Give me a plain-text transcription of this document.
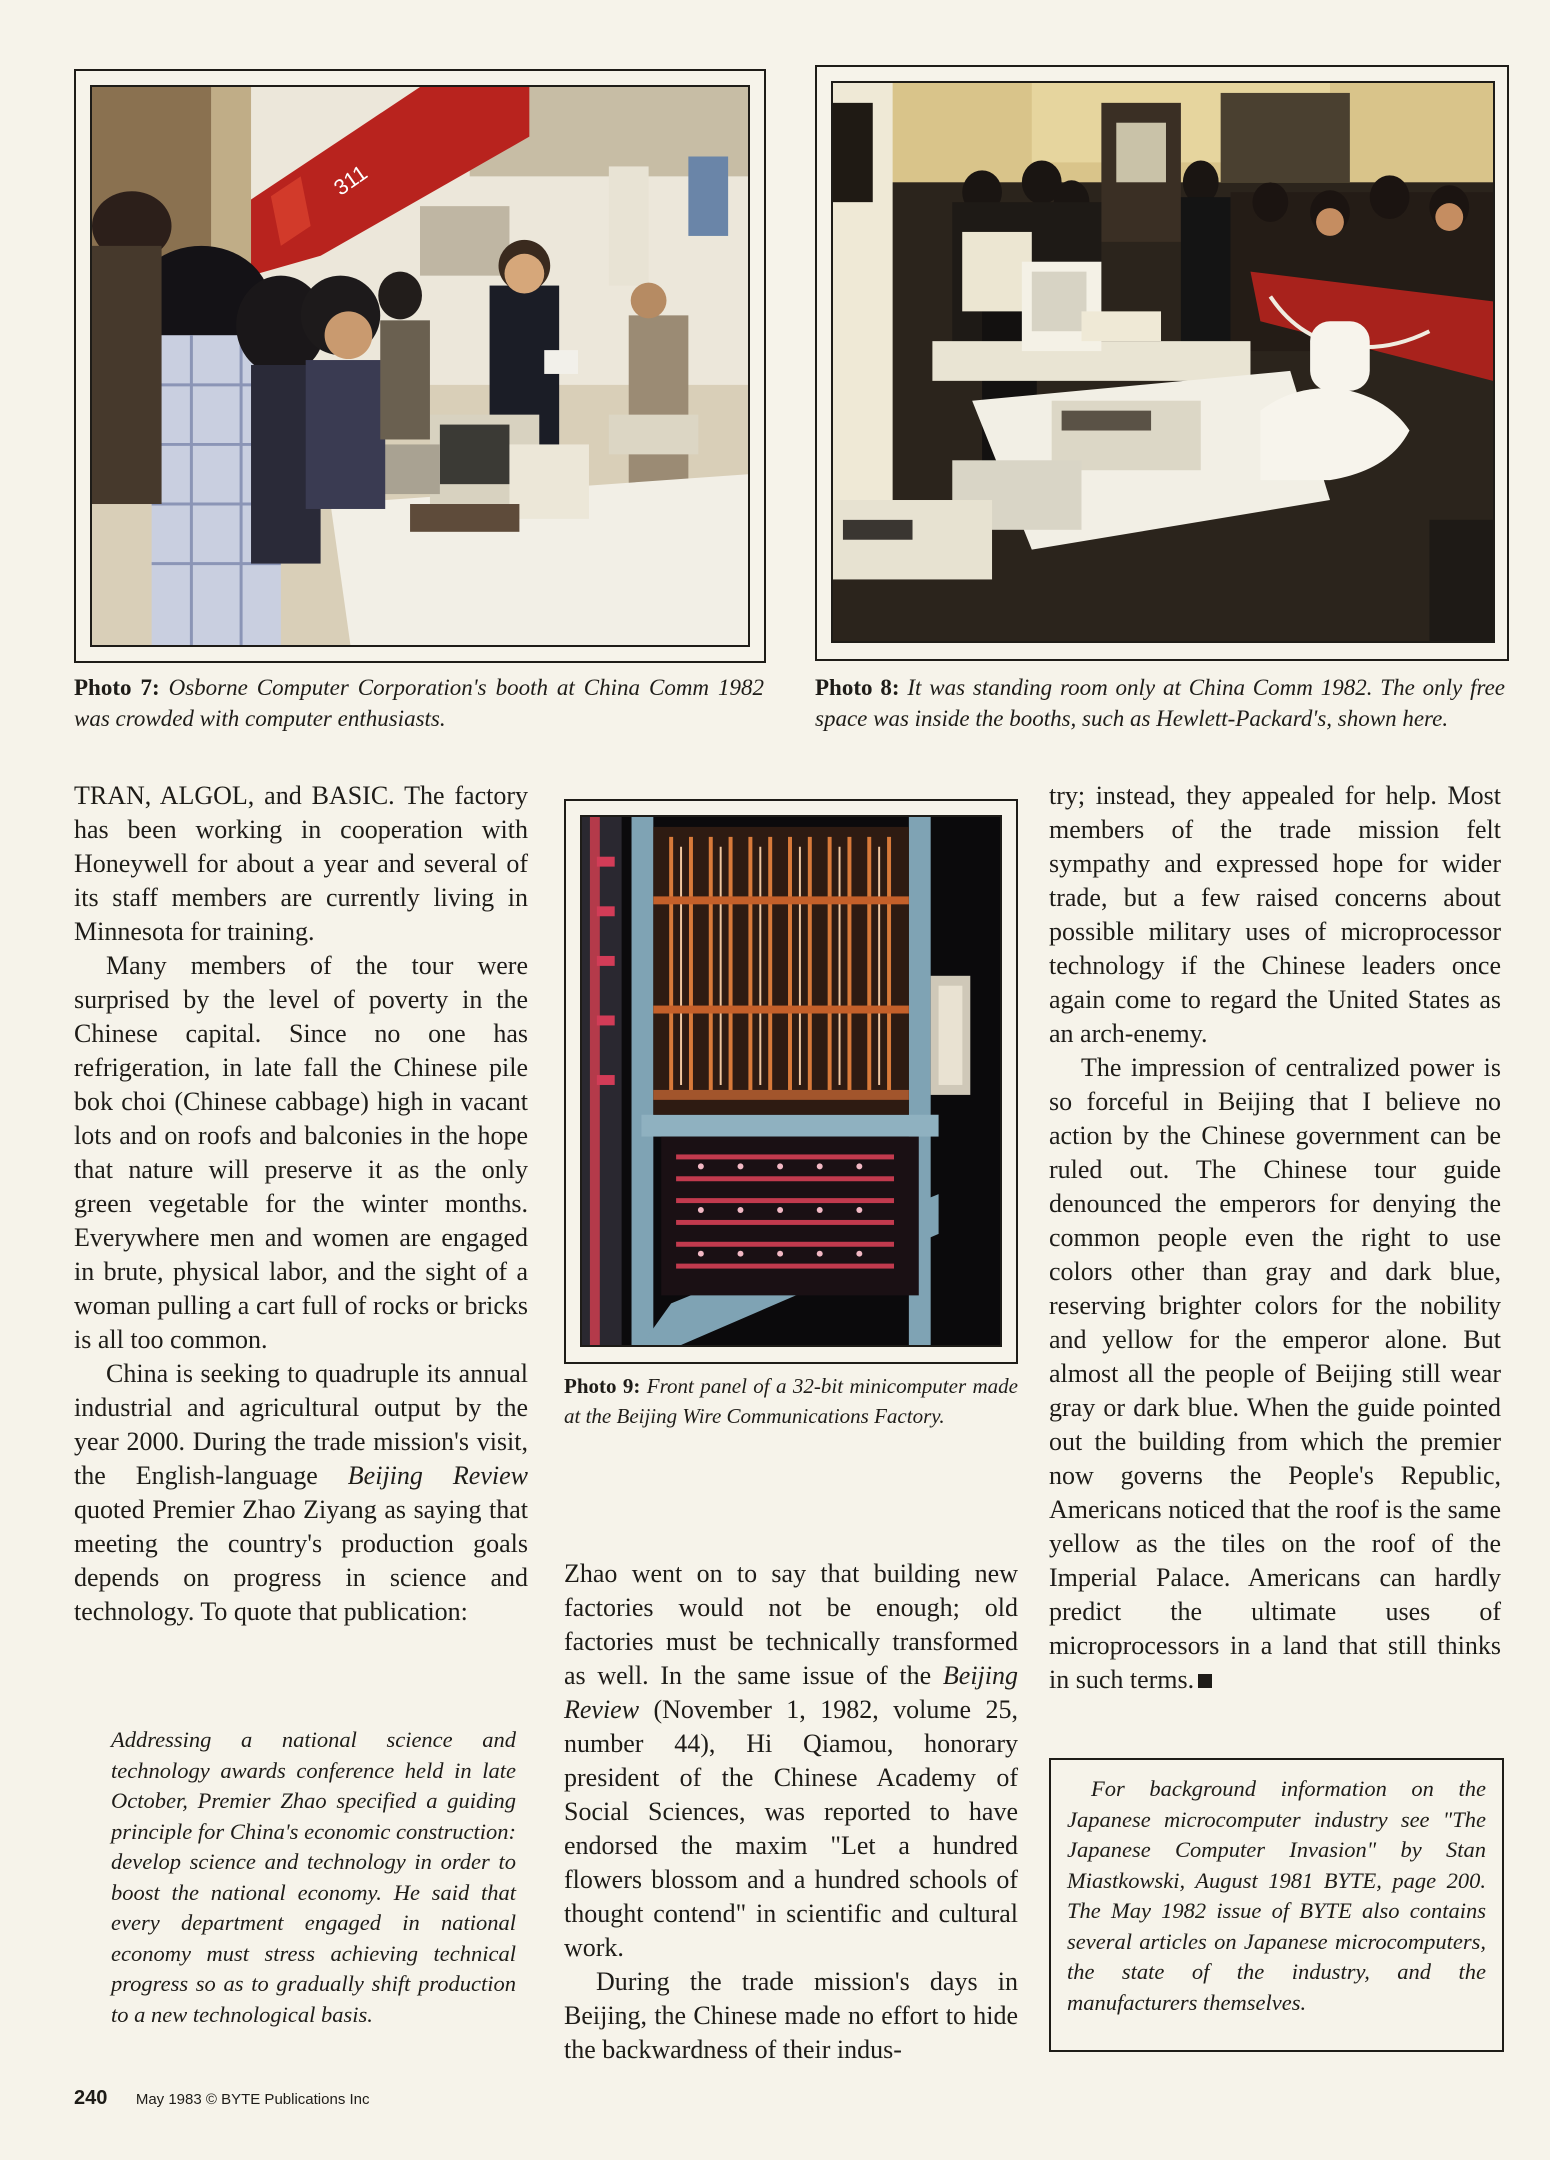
311
Photo 7: Osborne Computer Corporation's booth at China Comm 1982 was crowded with computer enthusiasts.
Photo 8: It was standing room only at China Comm 1982. The only free space was inside the booths, such as Hewlett-Packard's, shown here.

TRAN, ALGOL, and BASIC. The factory has been working in cooperation with Honeywell for about a year and several of its staff members are currently living in Minnesota for training.

Many members of the tour were surprised by the level of poverty in the Chinese capital. Since no one has refrigeration, in late fall the Chinese pile bok choi (Chinese cabbage) high in vacant lots and on roofs and balconies in the hope that nature will preserve it as the only green vegetable for the winter months. Everywhere men and women are engaged in brute, physical labor, and the sight of a woman pulling a cart full of rocks or bricks is all too common.

China is seeking to quadruple its annual industrial and agricultural output by the year 2000. During the trade mission's visit, the English-language Beijing Review quoted Premier Zhao Ziyang as saying that meeting the country's production goals depends on progress in science and technology. To quote that publication:

Addressing a national science and technology awards conference held in late October, Premier Zhao specified a guiding principle for China's economic construction: develop science and technology in order to boost the national economy. He said that every department engaged in national economy must stress achieving technical progress so as to gradually shift production to a new technological basis.
Photo 9: Front panel of a 32-bit minicomputer made at the Beijing Wire Communications Factory.

Zhao went on to say that building new factories would not be enough; old factories must be technically transformed as well. In the same issue of the Beijing Review (November 1, 1982, volume 25, number 44), Hi Qiamou, honorary president of the Chinese Academy of Social Sciences, was reported to have endorsed the maxim "Let a hundred flowers blossom and a hundred schools of thought contend" in scientific and cultural work.

During the trade mission's days in Beijing, the Chinese made no effort to hide the backwardness of their indus-

try; instead, they appealed for help. Most members of the trade mission felt sympathy and expressed hope for wider trade, but a few raised concerns about possible military uses of microprocessor technology if the Chinese leaders once again come to regard the United States as an arch-enemy.

The impression of centralized power is so forceful in Beijing that I believe no action by the Chinese government can be ruled out. The Chinese tour guide denounced the emperors for denying the common people even the right to use colors other than gray and dark blue, reserving brighter colors for the nobility and yellow for the emperor alone. But almost all the people of Beijing still wear gray or dark blue. When the guide pointed out the building from which the premier now governs the People's Republic, Americans noticed that the roof is the same yellow as the tiles on the roof of the Imperial Palace. Americans can hardly predict the ultimate uses of microprocessors in a land that still thinks in such terms.

For background information on the Japanese microcomputer industry see "The Japanese Computer Invasion" by Stan Miastkowski, August 1981 BYTE, page 200. The May 1982 issue of BYTE also contains several articles on Japanese microcomputers, the state of the industry, and the manufacturers themselves.

240 May 1983 © BYTE Publications Inc
